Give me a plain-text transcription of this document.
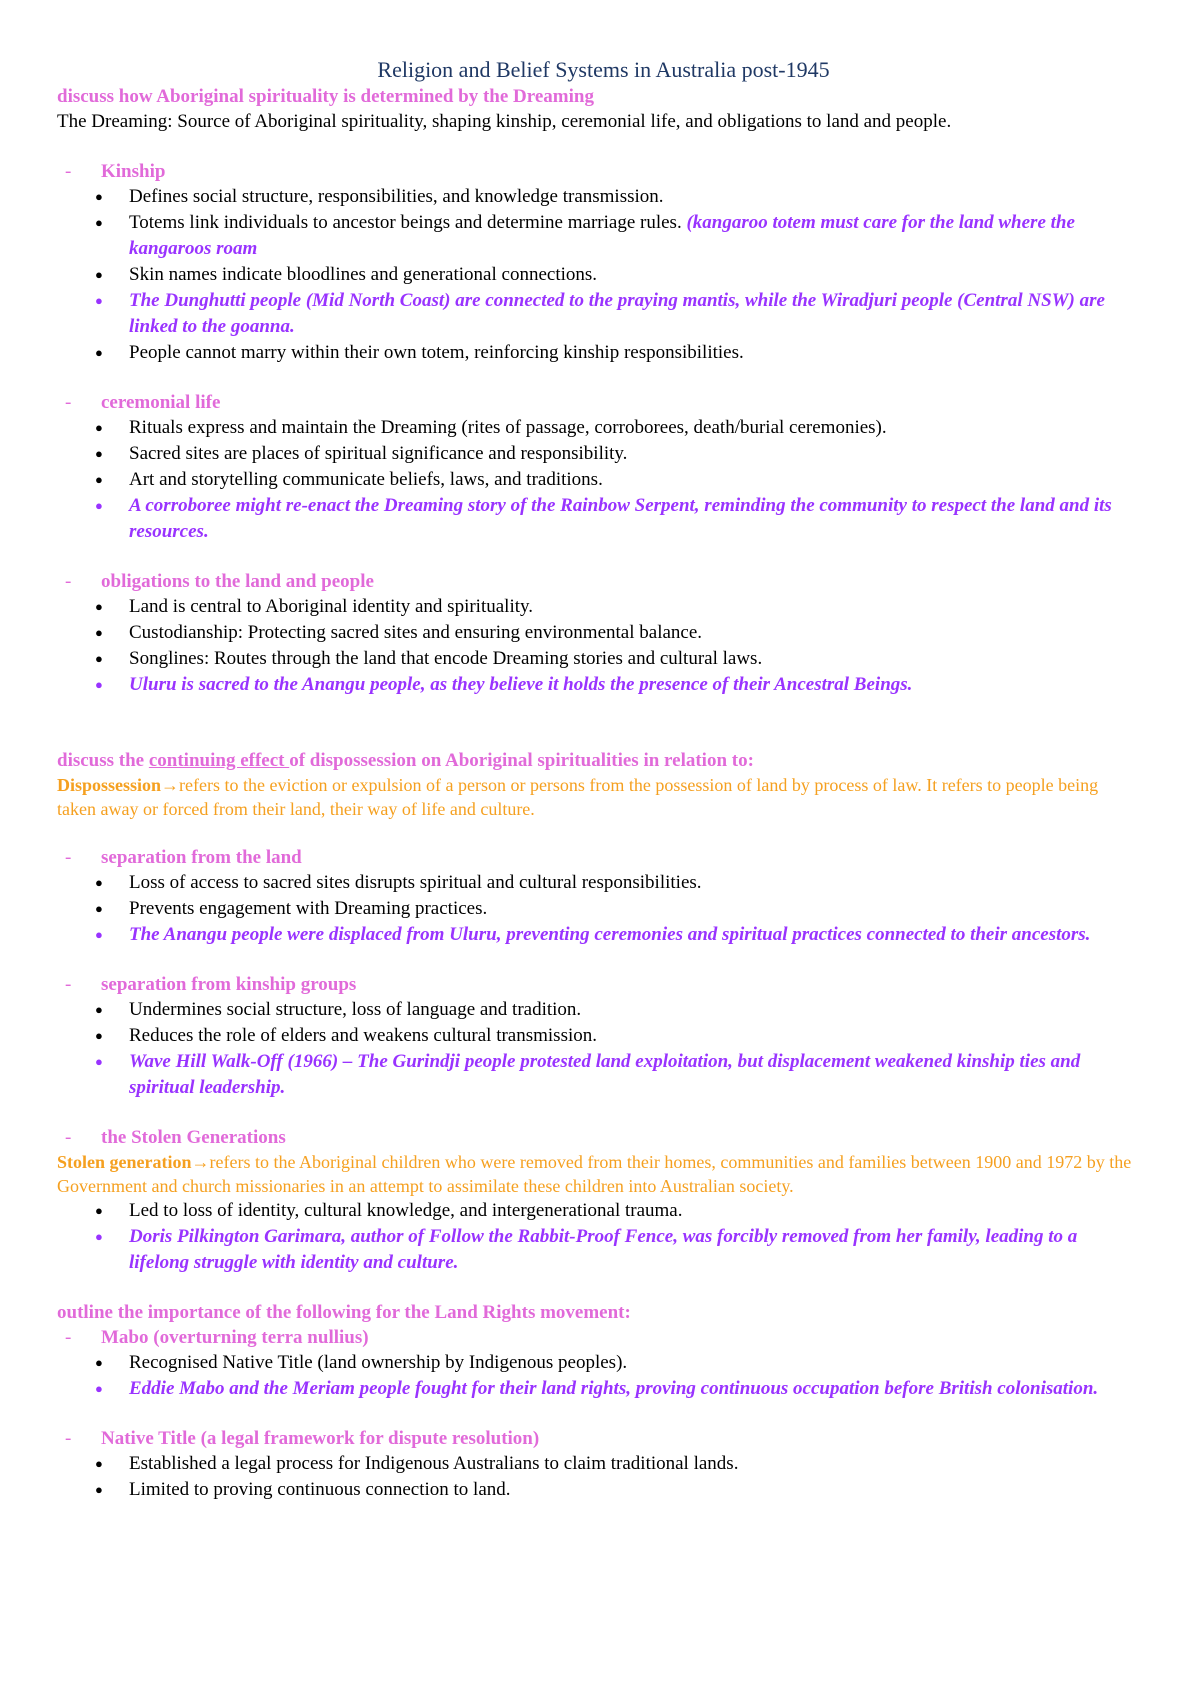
Religion and Belief Systems in Australia post-1945

discuss how Aboriginal spirituality is determined by the Dreaming

The Dreaming: Source of Aboriginal spirituality, shaping kinship, ceremonial life, and obligations to land and people.

-	Kinship
●	Defines social structure, responsibilities, and knowledge transmission.
●	Totems link individuals to ancestor beings and determine marriage rules. (kangaroo totem must care for the land where the kangaroos roam
●	Skin names indicate bloodlines and generational connections.
●	The Dunghutti people (Mid North Coast) are connected to the praying mantis, while the Wiradjuri people (Central NSW) are linked to the goanna.
●	People cannot marry within their own totem, reinforcing kinship responsibilities.
-	ceremonial life
●	Rituals express and maintain the Dreaming (rites of passage, corroborees, death/burial ceremonies).
●	Sacred sites are places of spiritual significance and responsibility.
●	Art and storytelling communicate beliefs, laws, and traditions.
●	A corroboree might re-enact the Dreaming story of the Rainbow Serpent, reminding the community to respect the land and its resources.
-	obligations to the land and people
●	Land is central to Aboriginal identity and spirituality.
●	Custodianship: Protecting sacred sites and ensuring environmental balance.
●	Songlines: Routes through the land that encode Dreaming stories and cultural laws.
●	Uluru is sacred to the Anangu people, as they believe it holds the presence of their Ancestral Beings.

discuss the continuing effect of dispossession on Aboriginal spiritualities in relation to:

Dispossession→refers to the eviction or expulsion of a person or persons from the possession of land by process of law. It refers to people being taken away or forced from their land, their way of life and culture.

-	separation from the land
●	Loss of access to sacred sites disrupts spiritual and cultural responsibilities.
●	Prevents engagement with Dreaming practices.
●	The Anangu people were displaced from Uluru, preventing ceremonies and spiritual practices connected to their ancestors.
-	separation from kinship groups
●	Undermines social structure, loss of language and tradition.
●	Reduces the role of elders and weakens cultural transmission.
●	Wave Hill Walk-Off (1966) – The Gurindji people protested land exploitation, but displacement weakened kinship ties and spiritual leadership.
-	the Stolen Generations

Stolen generation→refers to the Aboriginal children who were removed from their homes, communities and families between 1900 and 1972 by the Government and church missionaries in an attempt to assimilate these children into Australian society.

●	Led to loss of identity, cultural knowledge, and intergenerational trauma.
●	Doris Pilkington Garimara, author of Follow the Rabbit-Proof Fence, was forcibly removed from her family, leading to a lifelong struggle with identity and culture.

outline the importance of the following for the Land Rights movement:

-	Mabo (overturning terra nullius)
●	Recognised Native Title (land ownership by Indigenous peoples).
●	Eddie Mabo and the Meriam people fought for their land rights, proving continuous occupation before British colonisation.
-	Native Title (a legal framework for dispute resolution)
●	Established a legal process for Indigenous Australians to claim traditional lands.
●	Limited to proving continuous connection to land.
